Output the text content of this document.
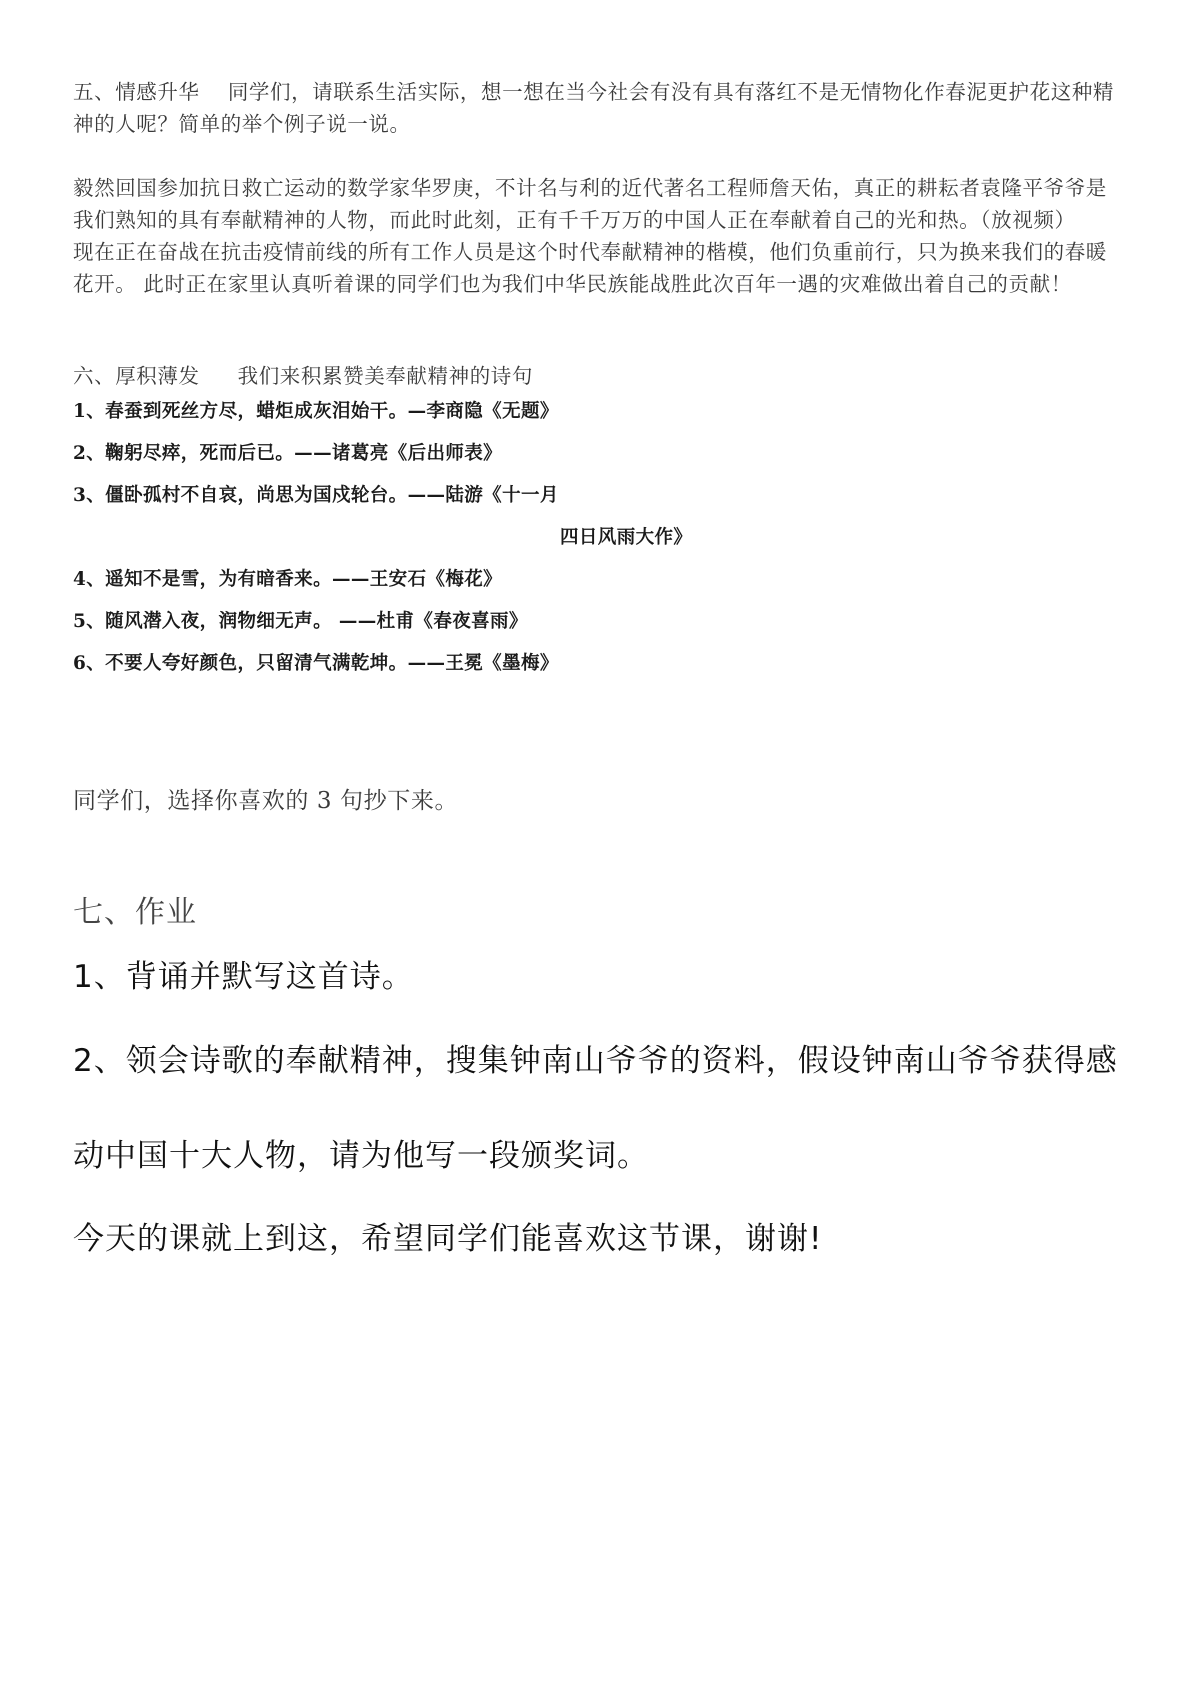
五、情感升华　 同学们，请联系生活实际，想一想在当今社会有没有具有落红不是无情物化作春泥更护花这种精神的人呢？简单的举个例子说一说。

毅然回国参加抗日救亡运动的数学家华罗庚，不计名与利的近代著名工程师詹天佑，真正的耕耘者袁隆平爷爷是我们熟知的具有奉献精神的人物，而此时此刻，正有千千万万的中国人正在奉献着自己的光和热。（放视频）

现在正在奋战在抗击疫情前线的所有工作人员是这个时代奉献精神的楷模，他们负重前行，只为换来我们的春暖花开。 此时正在家里认真听着课的同学们也为我们中华民族能战胜此次百年一遇的灾难做出着自己的贡献！

六、厚积薄发 我们来积累赞美奉献精神的诗句
1、春蚕到死丝方尽，蜡炬成灰泪始干。—李商隐《无题》
2、鞠躬尽瘁，死而后已。——诸葛亮《后出师表》
3、僵卧孤村不自哀，尚思为国戍轮台。——陆游《十一月
四日风雨大作》
4、遥知不是雪，为有暗香来。——王安石《梅花》
5、随风潜入夜，润物细无声。 ——杜甫《春夜喜雨》
6、不要人夸好颜色，只留清气满乾坤。——王冕《墨梅》
同学们，选择你喜欢的 3 句抄下来。
七、作业
1、背诵并默写这首诗。
2、领会诗歌的奉献精神，搜集钟南山爷爷的资料，假设钟南山爷爷获得感
动中国十大人物，请为他写一段颁奖词。
今天的课就上到这，希望同学们能喜欢这节课，谢谢!
